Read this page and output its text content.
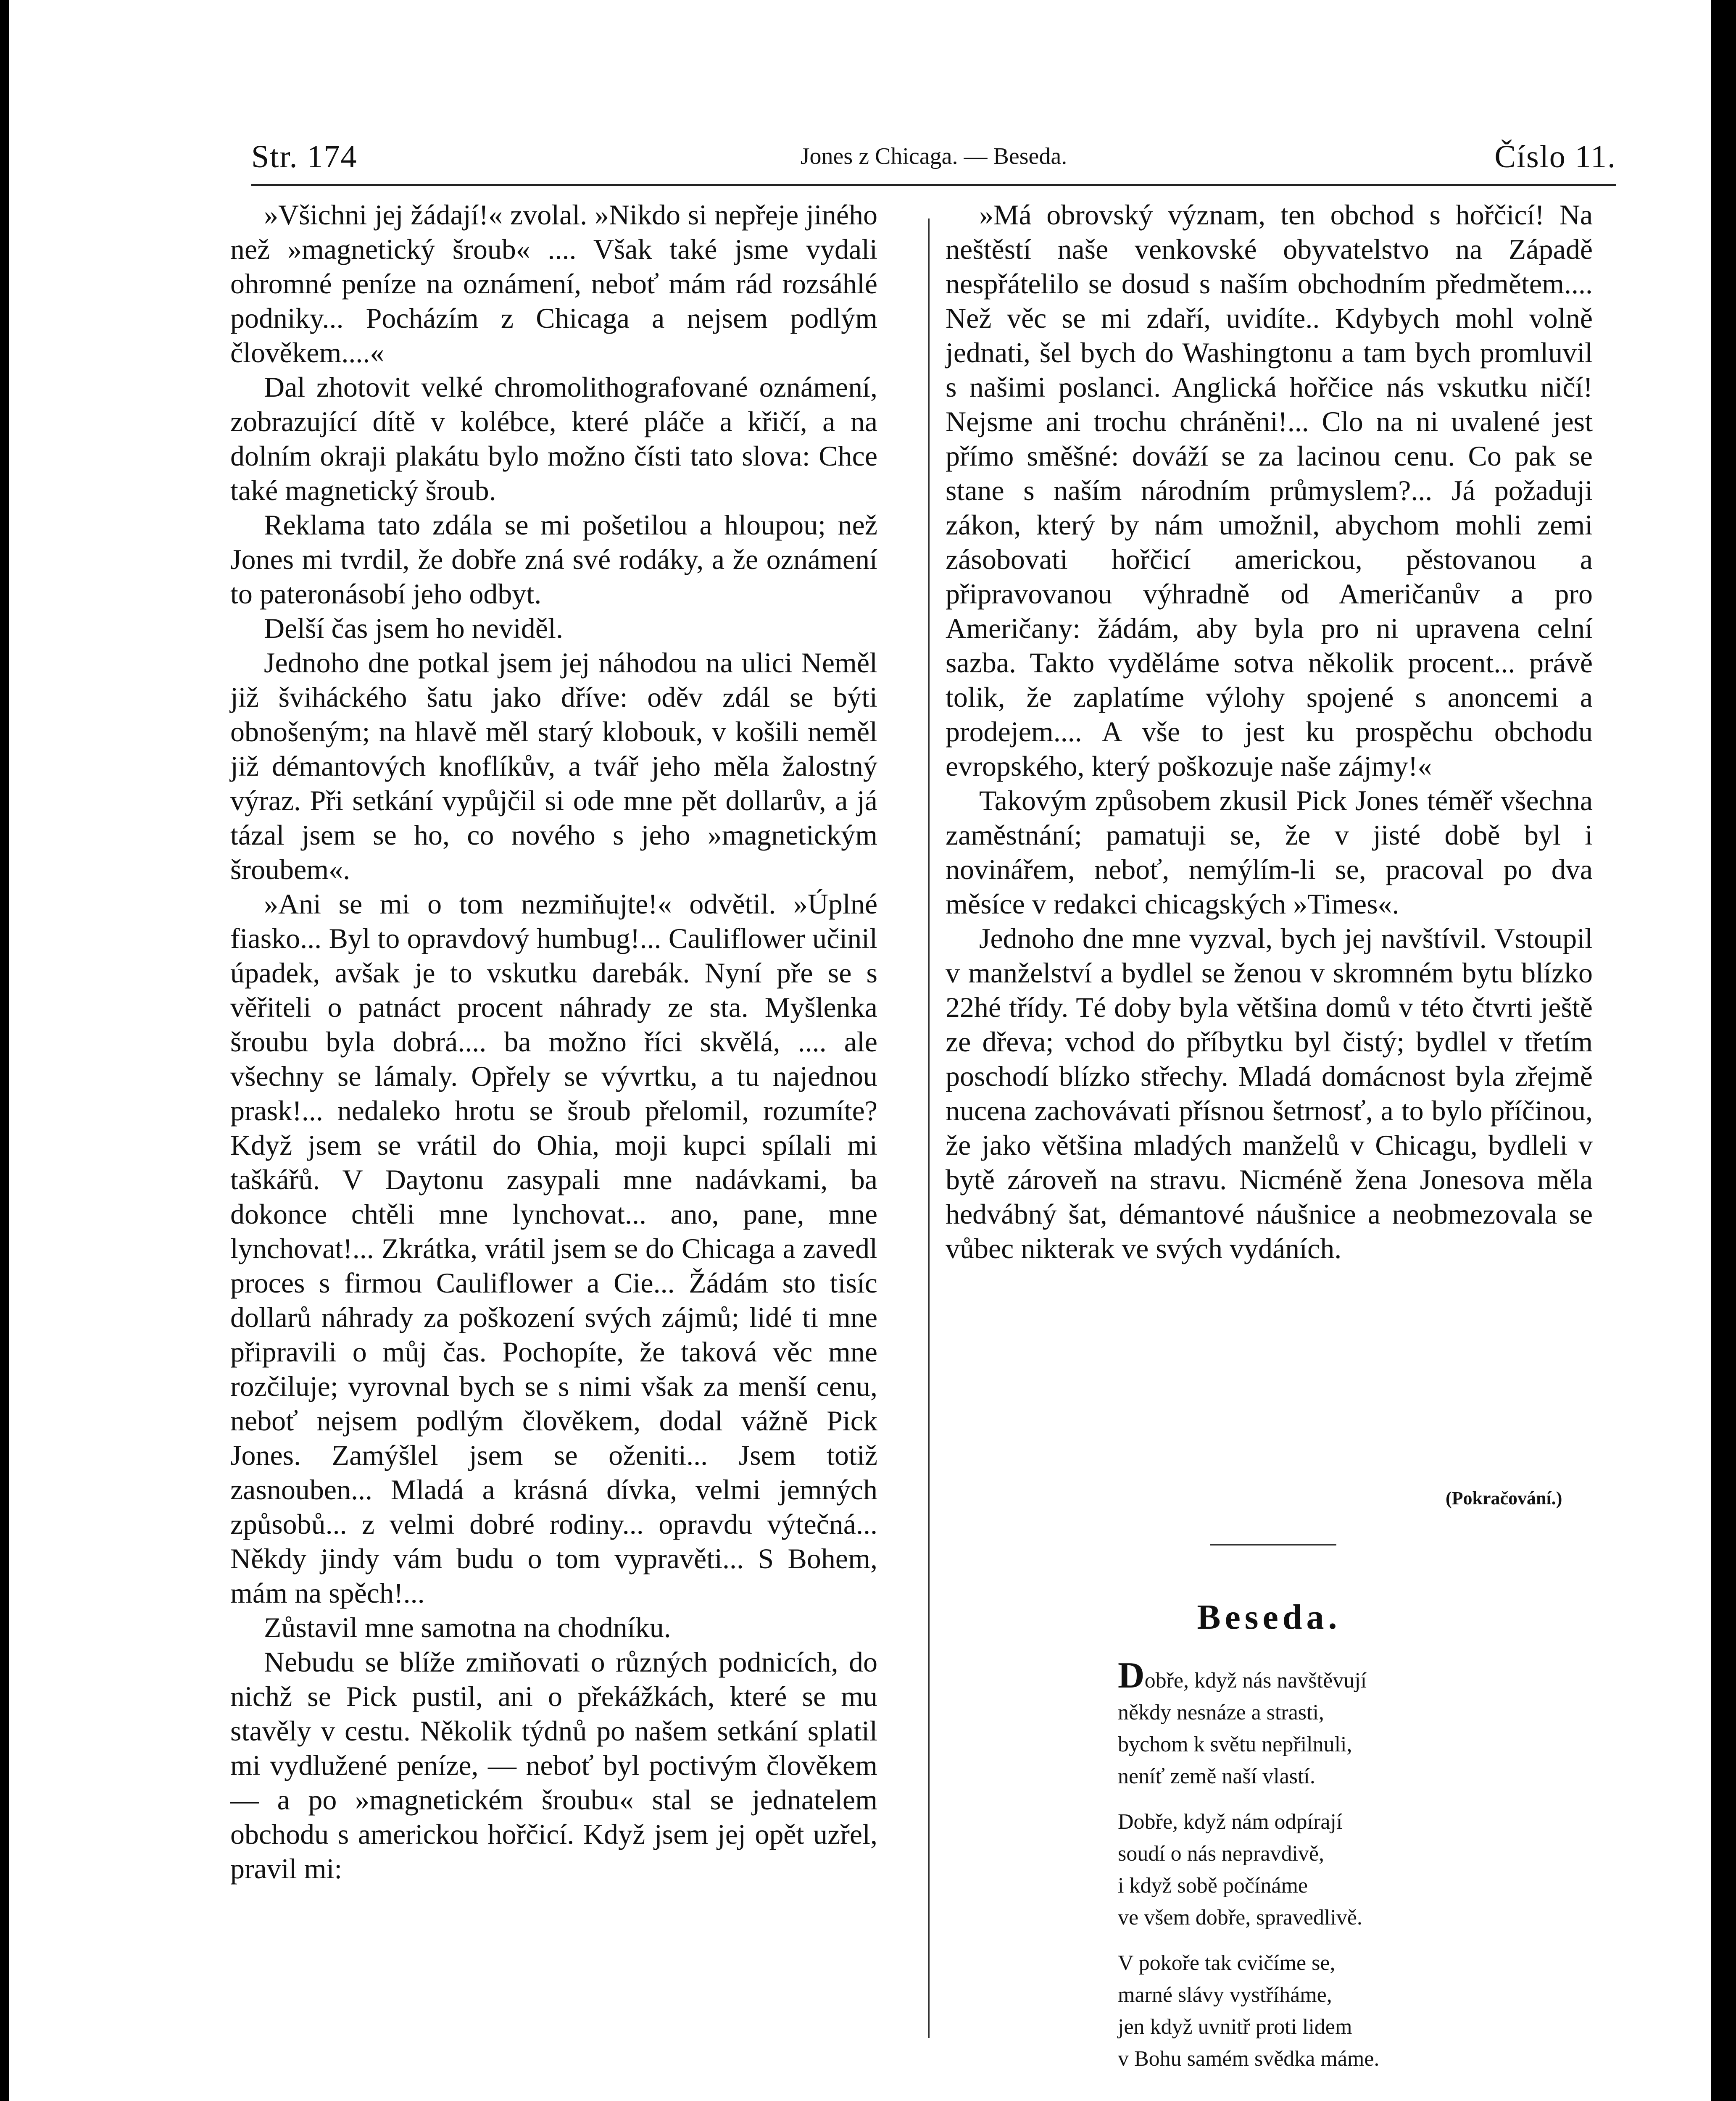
Str. 174	Jones z Chicaga. — Beseda.	Číslo 11.

»Všichni jej žádají!« zvolal. »Nikdo si nepřeje jiného než »magnetický šroub« .... Však také jsme vydali ohromné peníze na oznámení, neboť mám rád rozsáhlé podniky... Pocházím z Chicaga a nejsem podlým člověkem....«

Dal zhotovit velké chromolithografované oznámení, zobrazující dítě v kolébce, které pláče a křičí, a na dolním okraji plakátu bylo možno čísti tato slova: Chce také magnetický šroub.

Reklama tato zdála se mi pošetilou a hloupou; než Jones mi tvrdil, že dobře zná své rodáky, a že oznámení to pateronásobí jeho odbyt.

Delší čas jsem ho neviděl.

Jednoho dne potkal jsem jej náhodou na ulici Neměl již šviháckého šatu jako dříve: oděv zdál se býti obnošeným; na hlavě měl starý klobouk, v košili neměl již démantových knoflíkův, a tvář jeho měla žalostný výraz. Při setkání vypůjčil si ode mne pět dollarův, a já tázal jsem se ho, co nového s jeho »magnetickým šroubem«.

»Ani se mi o tom nezmiňujte!« odvětil. »Úplné fiasko... Byl to opravdový humbug!... Cauliflower učinil úpadek, avšak je to vskutku darebák. Nyní pře se s věřiteli o patnáct procent náhrady ze sta. Myšlenka šroubu byla dobrá.... ba možno říci skvělá, .... ale všechny se lámaly. Opřely se vývrtku, a tu najednou prask!... nedaleko hrotu se šroub přelomil, rozumíte? Když jsem se vrátil do Ohia, moji kupci spílali mi taškářů. V Daytonu zasypali mne nadávkami, ba dokonce chtěli mne lynchovat... ano, pane, mne lynchovat!... Zkrátka, vrátil jsem se do Chicaga a zavedl proces s firmou Cauliflower a Cie... Žádám sto tisíc dollarů náhrady za poškození svých zájmů; lidé ti mne připravili o můj čas. Pochopíte, že taková věc mne rozčiluje; vyrovnal bych se s nimi však za menší cenu, neboť nejsem podlým člověkem, dodal vážně Pick Jones. Zamýšlel jsem se oženiti... Jsem totiž zasnouben... Mladá a krásná dívka, velmi jemných způsobů... z velmi dobré rodiny... opravdu výtečná... Někdy jindy vám budu o tom vypravěti... S Bohem, mám na spěch!...

Zůstavil mne samotna na chodníku.

Nebudu se blíže zmiňovati o různých podnicích, do nichž se Pick pustil, ani o překážkách, které se mu stavěly v cestu. Několik týdnů po našem setkání splatil mi vydlužené peníze, — neboť byl poctivým člověkem — a po »magnetickém šroubu« stal se jednatelem obchodu s americkou hořčicí. Když jsem jej opět uzřel, pravil mi:

»Má obrovský význam, ten obchod s hořčicí! Na neštěstí naše venkovské obyvatelstvo na Západě nespřátelilo se dosud s naším obchodním předmětem.... Než věc se mi zdaří, uvidíte.. Kdybych mohl volně jednati, šel bych do Washingtonu a tam bych promluvil s našimi poslanci. Anglická hořčice nás vskutku ničí! Nejsme ani trochu chráněni!... Clo na ni uvalené jest přímo směšné: dováží se za lacinou cenu. Co pak se stane s naším národním průmyslem?... Já požaduji zákon, který by nám umožnil, abychom mohli zemi zásobovati hořčicí americkou, pěstovanou a připravovanou výhradně od Američanův a pro Američany: žádám, aby byla pro ni upravena celní sazba. Takto vyděláme sotva několik procent... právě tolik, že zaplatíme výlohy spojené s anoncemi a prodejem.... A vše to jest ku prospěchu obchodu evropského, který poškozuje naše zájmy!«

Takovým způsobem zkusil Pick Jones téměř všechna zaměstnání; pamatuji se, že v jisté době byl i novinářem, neboť, nemýlím-li se, pracoval po dva měsíce v redakci chicagských »Times«.

Jednoho dne mne vyzval, bych jej navštívil. Vstoupil v manželství a bydlel se ženou v skromném bytu blízko 22hé třídy. Té doby byla většina domů v této čtvrti ještě ze dřeva; vchod do příbytku byl čistý; bydlel v třetím poschodí blízko střechy. Mladá domácnost byla zřejmě nucena zachovávati přísnou šetrnosť, a to bylo příčinou, že jako většina mladých manželů v Chicagu, bydleli v bytě zároveň na stravu. Nicméně žena Jonesova měla hedvábný šat, démantové náušnice a neobmezovala se vůbec nikterak ve svých vydáních.

(Pokračování.)
Beseda.
Dobře, když nás navštěvují
někdy nesnáze a strasti,
bychom k světu nepřilnuli,
neníť země naší vlastí.
Dobře, když nám odpírají
soudí o nás nepravdivě,
i když sobě počínáme
ve všem dobře, spravedlivě.
V pokoře tak cvičíme se,
marné slávy vystříháme,
jen když uvnitř proti lidem
v Bohu samém svědka máme.
